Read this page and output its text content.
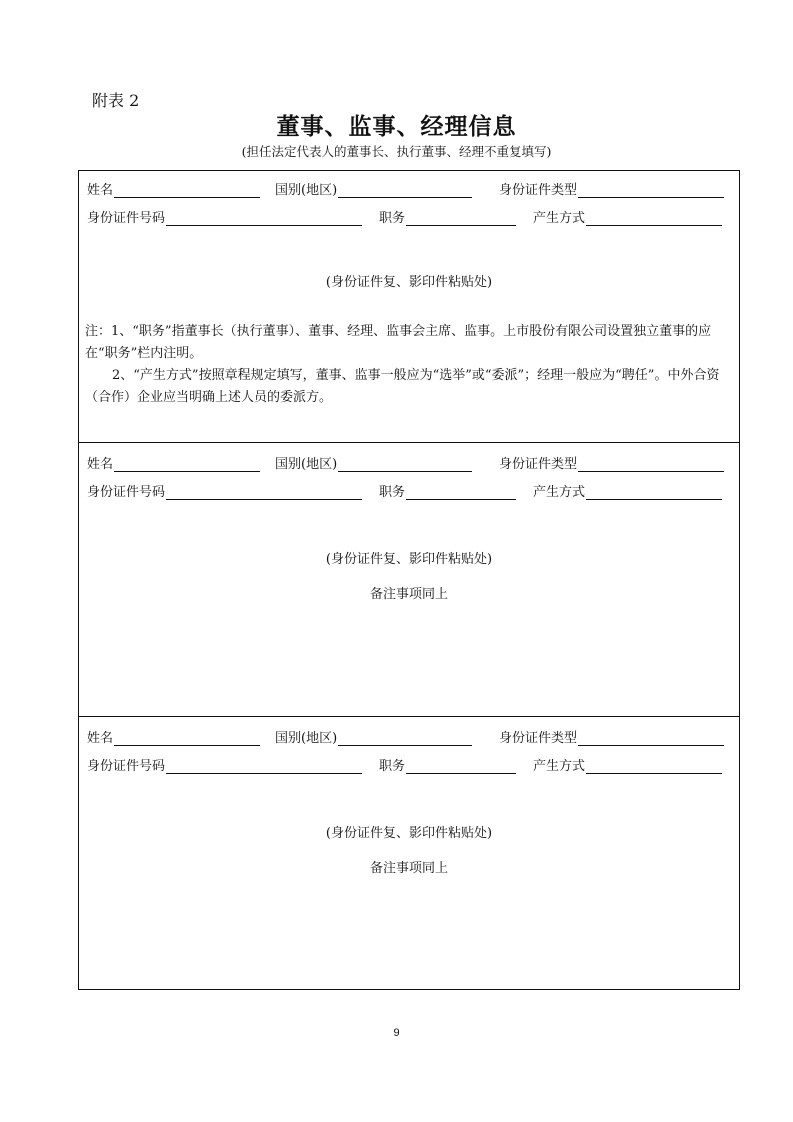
附表 2
董事、监事、经理信息
(担任法定代表人的董事长、执行董事、经理不重复填写)
姓名	国别(地区)	身份证件类型
身份证件号码	职务	产生方式
(身份证件复、影印件粘贴处)

注：1、“职务”指董事长（执行董事）、董事、经理、监事会主席、监事。上市股份有限公司设置独立董事的应在“职务”栏内注明。

2、“产生方式”按照章程规定填写，董事、监事一般应为“选举”或“委派”；经理一般应为“聘任”。中外合资（合作）企业应当明确上述人员的委派方。

姓名	国别(地区)	身份证件类型
身份证件号码	职务	产生方式
(身份证件复、影印件粘贴处)
备注事项同上
姓名	国别(地区)	身份证件类型
身份证件号码	职务	产生方式
(身份证件复、影印件粘贴处)
备注事项同上
9
